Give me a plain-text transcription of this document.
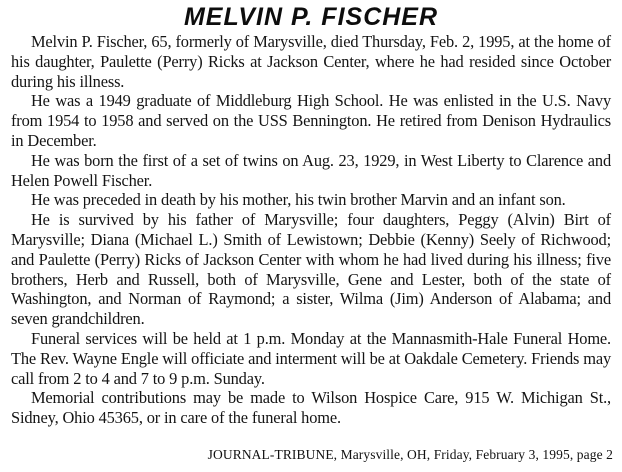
MELVIN P. FISCHER

Melvin P. Fischer, 65, formerly of Marysville, died Thursday, Feb. 2, 1995, at the home of his daughter, Paulette (Perry) Ricks at Jackson Center, where he had resided since October during his illness.

He was a 1949 graduate of Middleburg High School. He was enlisted in the U.S. Navy from 1954 to 1958 and served on the USS Bennington. He retired from Denison Hydraulics in December.

He was born the first of a set of twins on Aug. 23, 1929, in West Liberty to Clarence and Helen Powell Fischer.

He was preceded in death by his mother, his twin brother Marvin and an infant son.

He is survived by his father of Marysville; four daughters, Peggy (Alvin) Birt of Marysville; Diana (Michael L.) Smith of Lewistown; Debbie (Kenny) Seely of Richwood; and Paulette (Perry) Ricks of Jackson Center with whom he had lived during his illness; five brothers, Herb and Russell, both of Marysville, Gene and Lester, both of the state of Washington, and Norman of Raymond; a sister, Wilma (Jim) Anderson of Alabama; and seven grandchildren.

Funeral services will be held at 1 p.m. Monday at the Mannasmith-Hale Funeral Home. The Rev. Wayne Engle will officiate and interment will be at Oakdale Cemetery. Friends may call from 2 to 4 and 7 to 9 p.m. Sunday.

Memorial contributions may be made to Wilson Hospice Care, 915 W. Michigan St., Sidney, Ohio 45365, or in care of the funeral home.

JOURNAL-TRIBUNE, Marysville, OH, Friday, February 3, 1995, page 2
